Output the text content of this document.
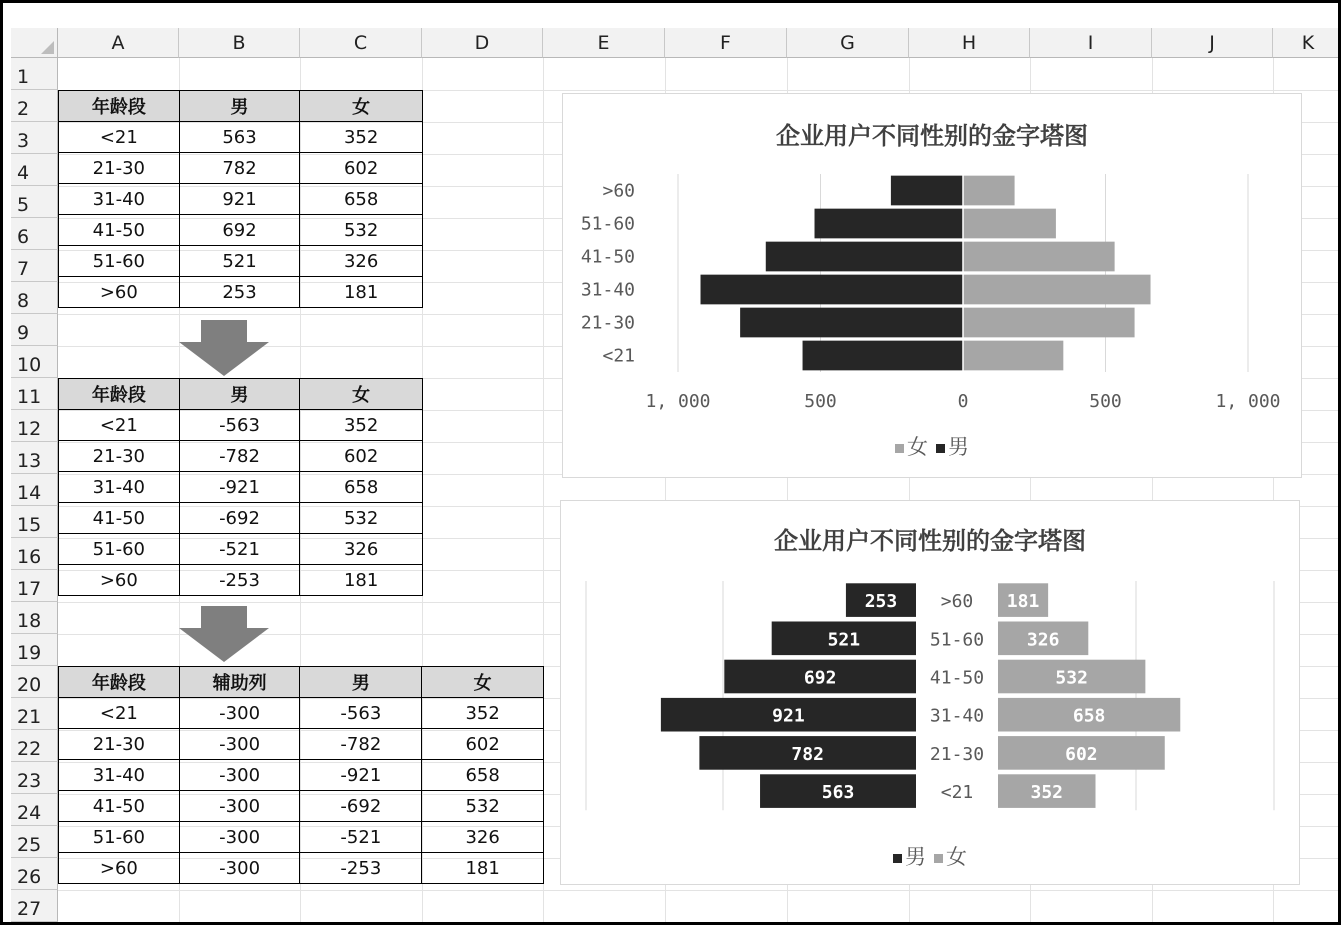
A	B	C	D	E	F	G	H	I	J	K
1
2
3
4
5
6
7
8
9
10
11
12
13
14
15
16
17
18
19
20
21
22
23
24
25
26
27
年龄段	男	女
<21	563	352
21-30	782	602
31-40	921	658
41-50	692	532
51-60	521	326
>60	253	181
年龄段	男	女
<21	-563	352
21-30	-782	602
31-40	-921	658
41-50	-692	532
51-60	-521	326
>60	-253	181
年龄段	辅助列	男	女
<21	-300	-563	352
21-30	-300	-782	602
31-40	-300	-921	658
41-50	-300	-692	532
51-60	-300	-521	326
>60	-300	-253	181
企业用户不同性别的金字塔图
>60
51-60
41-50
31-40
21-30
<21
1, 000	500	0	500	1, 000
女 男
企业用户不同性别的金字塔图
253	181
>60
521	326
51-60
692	532
41-50
921	658
31-40
782	602
21-30
563	352
<21
男 女
